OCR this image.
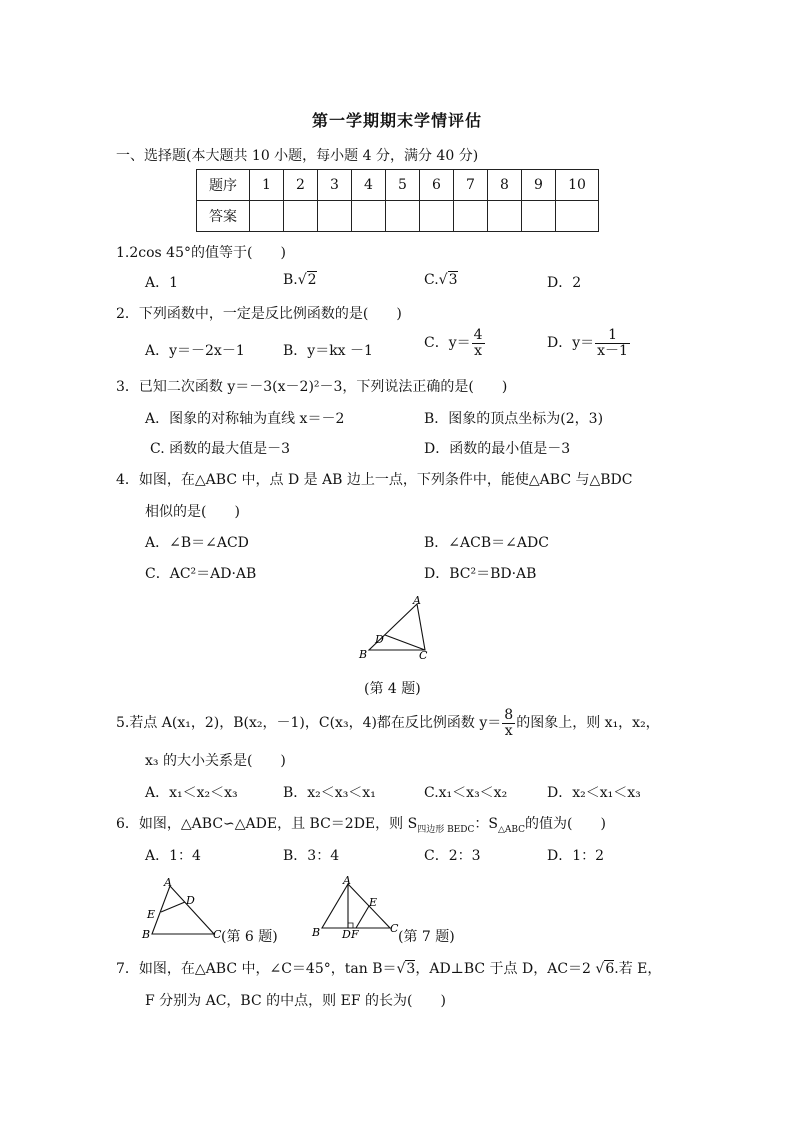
第一学期期末学情评估
一、选择题(本大题共 10 小题，每小题 4 分，满分 40 分)
题序	1	2	3	4	5	6	7	8	9	10
答案										
1.2cos 45°的值等于(　　)
A．1	B.√2	C.√3	D．2
2．下列函数中，一定是反比例函数的是(　　)
A．y＝－2x－1	B．y＝kx －1	C．$y= \frac{4}{x}$	D．$y= \frac{1}{x-1}$
3．已知二次函数 y＝－3(x－2)²－3，下列说法正确的是(　　)
A．图象的对称轴为直线 x＝－2	B．图象的顶点坐标为(2，3)
C. 函数的最大值是－3	D．函数的最小值是－3
4．如图，在△ABC 中，点 D 是 AB 边上一点，下列条件中，能使△ABC 与△BDC
相似的是(　　)
A．∠B＝∠ACD	B．∠ACB＝∠ADC
C．AC²＝AD·AB	D．BC²＝BD·AB
A
B	C
D
(第 4 题)
5.若点 A(x₁，2)，B(x₂，－1)，C(x₃，4)都在反比例函数 $y= \frac{8}{x}$ 的图象上，则 x₁，x₂，
x₃ 的大小关系是(　　)
A．x₁＜x₂＜x₃	B．x₂＜x₃＜x₁	C.x₁＜x₃＜x₂	D．x₂＜x₁＜x₃
6．如图，△ABC∽△ADE，且 BC＝2DE，则 $S_{四边形 BEDC}$：$S_{\triangle ABC}$的值为(　　)
A．1：4	B．3：4	C．2：3	D．1：2
A
B	C
D
E
(第 6 题)
A
B	C
D
E
F	(第 7 题)
7．如图，在△ABC 中，∠C＝45°，tan B＝√3，AD⊥BC 于点 D，AC＝2 √6.若 E，
F 分别为 AC，BC 的中点，则 EF 的长为(　　)
